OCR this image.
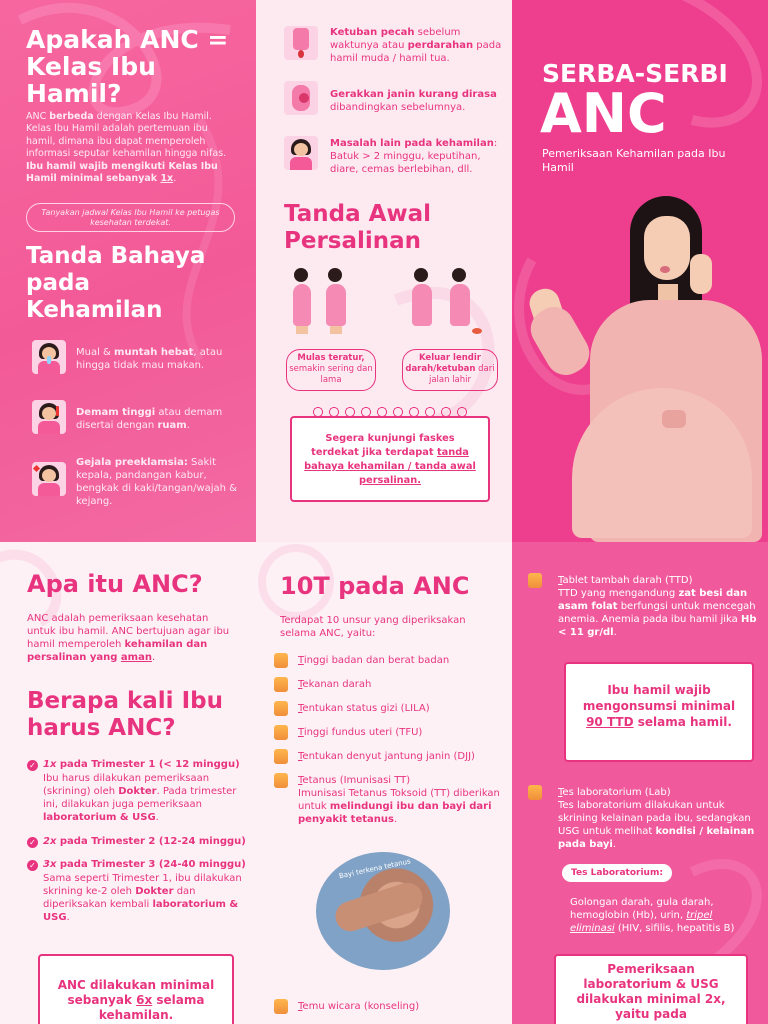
Apakah ANC = Kelas Ibu Hamil?
ANC berbeda dengan Kelas Ibu Hamil. Kelas Ibu Hamil adalah pertemuan ibu hamil, dimana ibu dapat memperoleh informasi seputar kehamilan hingga nifas. Ibu hamil wajib mengikuti Kelas Ibu Hamil minimal sebanyak 1x.
Tanyakan jadwal Kelas Ibu Hamil ke petugas kesehatan terdekat.
Tanda Bahaya pada Kehamilan
Mual & muntah hebat, atau hingga tidak mau makan.
Demam tinggi atau demam disertai dengan ruam.
Gejala preeklamsia: Sakit kepala, pandangan kabur, bengkak di kaki/tangan/wajah & kejang.
Ketuban pecah sebelum waktunya atau perdarahan pada hamil muda / hamil tua.
Gerakkan janin kurang dirasa dibandingkan sebelumnya.
Masalah lain pada kehamilan: Batuk > 2 minggu, keputihan, diare, cemas berlebihan, dll.
Tanda Awal Persalinan
Mulas teratur, semakin sering dan lama
Keluar lendir darah/ketuban dari jalan lahir
Segera kunjungi faskes terdekat jika terdapat tanda bahaya kehamilan / tanda awal persalinan.
SERBA-SERBI
ANC
Pemeriksaan Kehamilan pada Ibu Hamil
Apa itu ANC?
ANC adalah pemeriksaan kesehatan untuk ibu hamil. ANC bertujuan agar ibu hamil memperoleh kehamilan dan persalinan yang aman.
Berapa kali Ibu harus ANC?
✓ 1x pada Trimester 1 (< 12 minggu)
Ibu harus dilakukan pemeriksaan (skrining) oleh Dokter. Pada trimester ini, dilakukan juga pemeriksaan laboratorium & USG.
✓ 2x pada Trimester 2 (12-24 minggu)
✓ 3x pada Trimester 3 (24-40 minggu)
Sama seperti Trimester 1, ibu dilakukan skrining ke-2 oleh Dokter dan diperiksakan kembali laboratorium & USG.
ANC dilakukan minimal sebanyak 6x selama kehamilan.
10T pada ANC
Terdapat 10 unsur yang diperiksakan selama ANC, yaitu:
Tinggi badan dan berat badan
Tekanan darah
Tentukan status gizi (LILA)
Tinggi fundus uteri (TFU)
Tentukan denyut jantung janin (DJJ)
Tetanus (Imunisasi TT)
Imunisasi Tetanus Toksoid (TT) diberikan untuk melindungi ibu dan bayi dari penyakit tetanus.
Bayi terkena tetanus
Temu wicara (konseling)
Tablet tambah darah (TTD)
TTD yang mengandung zat besi dan asam folat berfungsi untuk mencegah anemia. Anemia pada ibu hamil jika Hb < 11 gr/dl.
Ibu hamil wajib mengonsumsi minimal 90 TTD selama hamil.
Tes laboratorium (Lab)
Tes laboratorium dilakukan untuk skrining kelainan pada ibu, sedangkan USG untuk melihat kondisi / kelainan pada bayi.
Tes Laboratorium:
Golongan darah, gula darah, hemoglobin (Hb), urin, tripel eliminasi (HIV, sifilis, hepatitis B)
Pemeriksaan laboratorium & USG dilakukan minimal 2x, yaitu pada
